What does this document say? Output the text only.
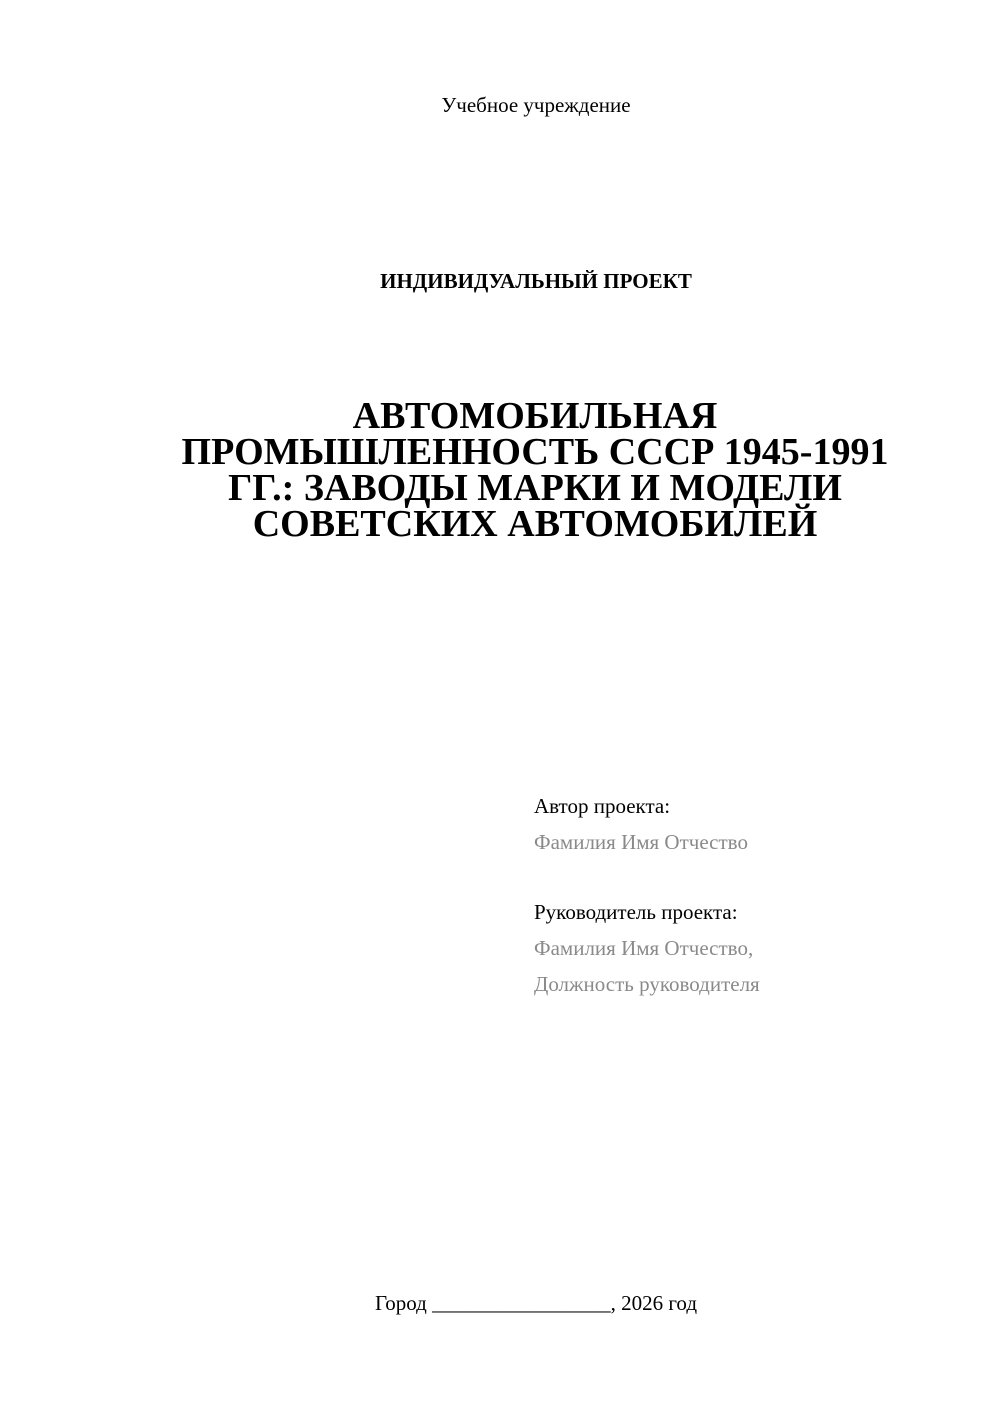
Учебное учреждение
ИНДИВИДУАЛЬНЫЙ ПРОЕКТ
АВТОМОБИЛЬНАЯ
ПРОМЫШЛЕННОСТЬ СССР 1945-1991
ГГ.: ЗАВОДЫ МАРКИ И МОДЕЛИ
СОВЕТСКИХ АВТОМОБИЛЕЙ
Автор проекта:
Фамилия Имя Отчество
Руководитель проекта:
Фамилия Имя Отчество,
Должность руководителя
Город _________________, 2026 год
